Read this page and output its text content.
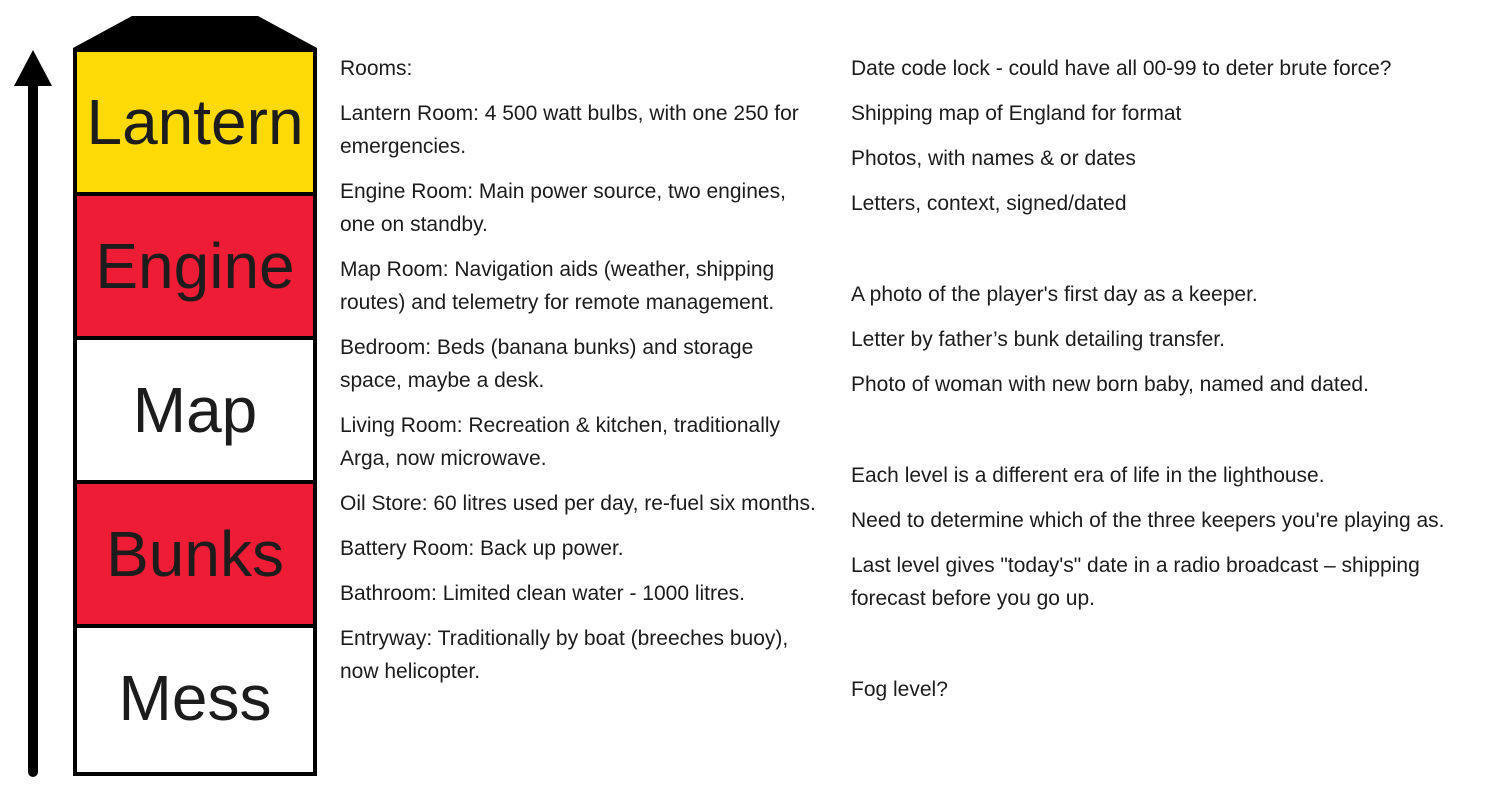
Lantern
Engine
Map
Bunks
Mess

Rooms:

Lantern Room: 4 500 watt bulbs, with one 250 for emergencies.

Engine Room: Main power source, two engines, one on standby.

Map Room: Navigation aids (weather, shipping routes) and telemetry for remote management.

Bedroom: Beds (banana bunks) and storage space, maybe a desk.

Living Room: Recreation & kitchen, traditionally Arga, now microwave.

Oil Store: 60 litres used per day, re-fuel six months.

Battery Room: Back up power.

Bathroom: Limited clean water - 1000 litres.

Entryway: Traditionally by boat (breeches buoy), now helicopter.

Date code lock - could have all 00-99 to deter brute force?

Shipping map of England for format

Photos, with names & or dates

Letters, context, signed/dated

A photo of the player's first day as a keeper.

Letter by father’s bunk detailing transfer.

Photo of woman with new born baby, named and dated.

Each level is a different era of life in the lighthouse.

Need to determine which of the three keepers you're playing as.

Last level gives "today's" date in a radio broadcast – shipping forecast before you go up.

Fog level?
